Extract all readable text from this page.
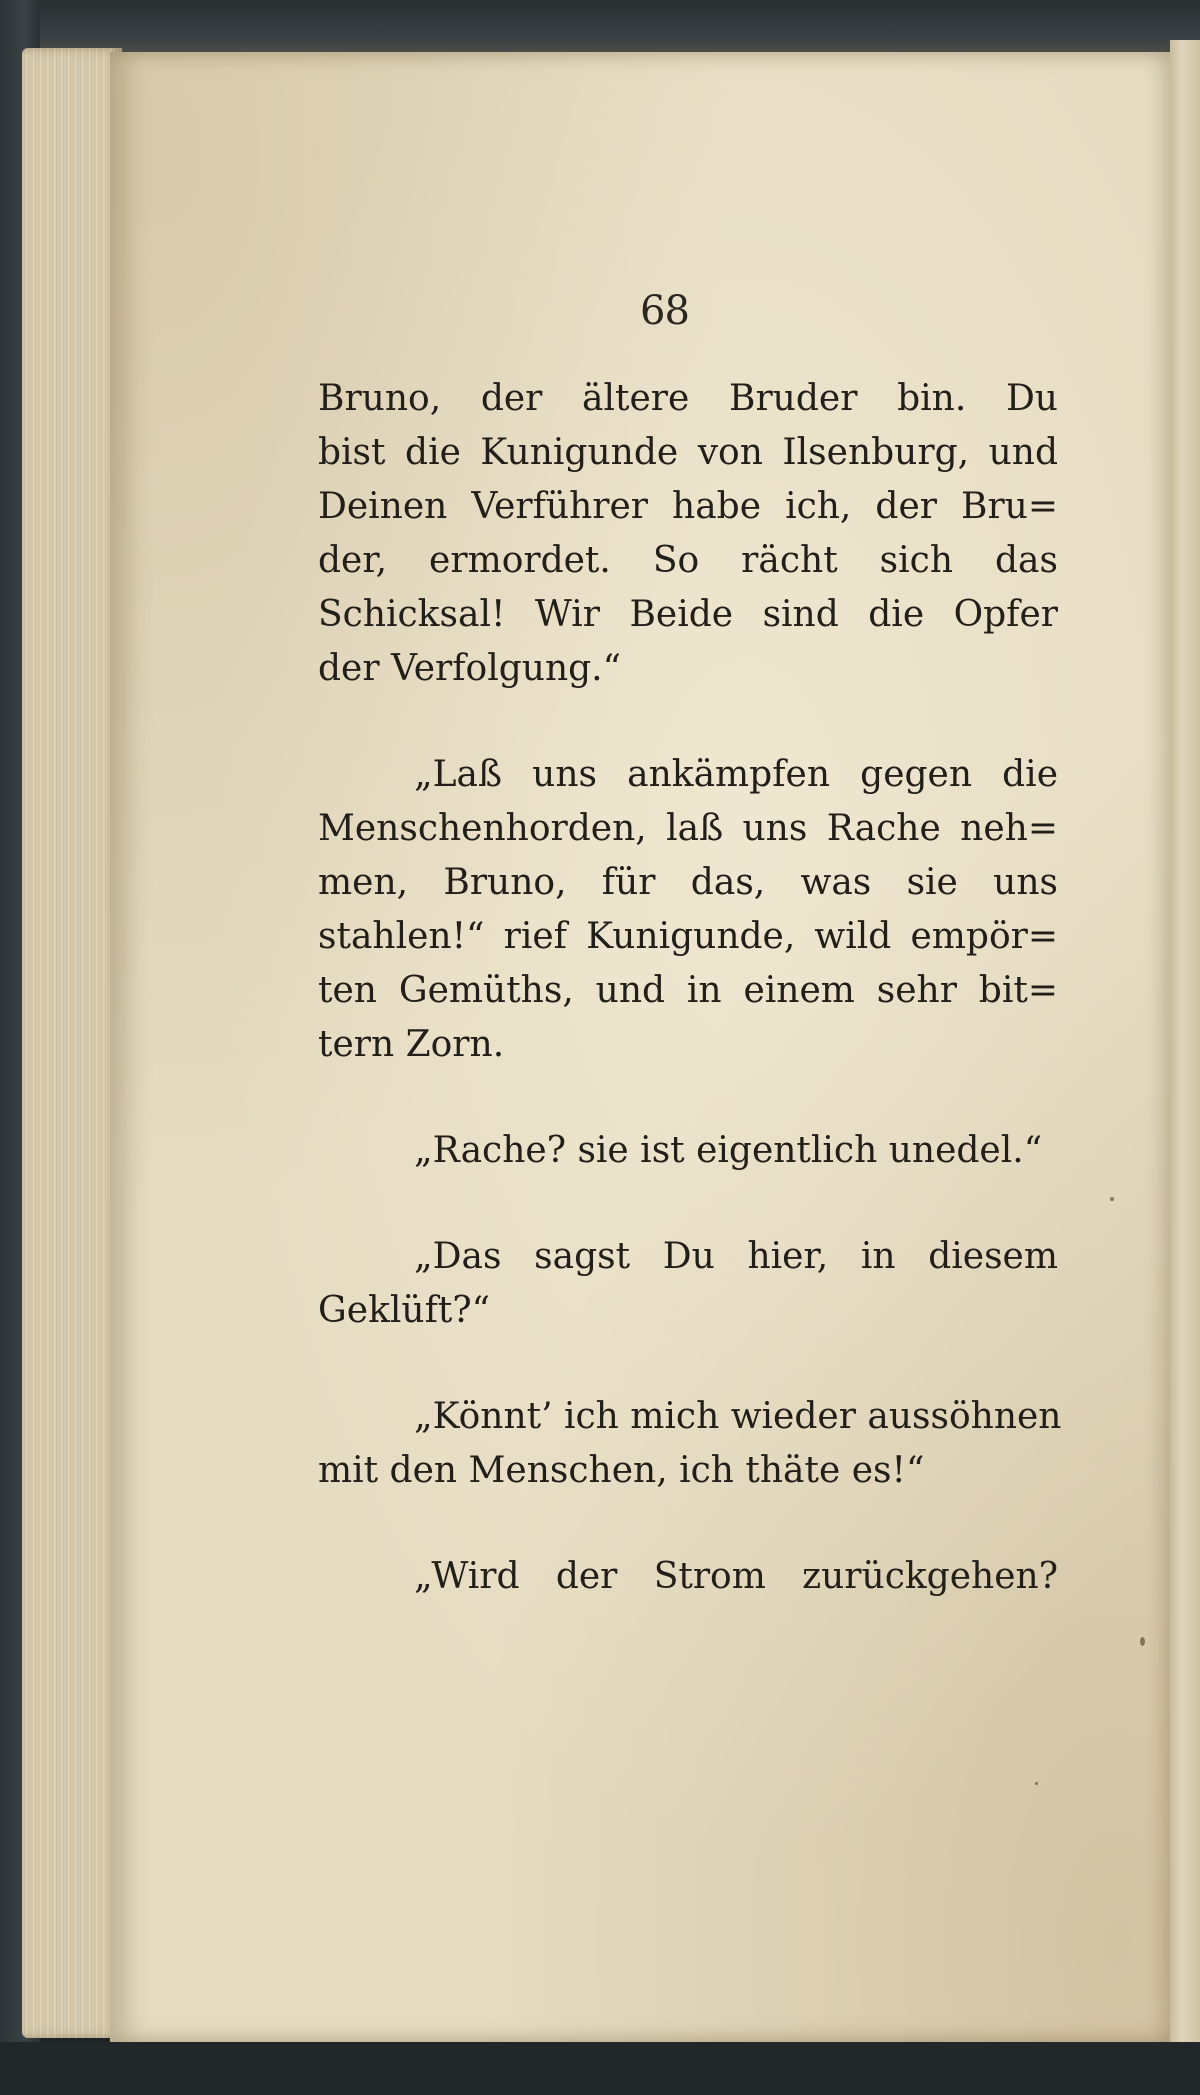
68
Bruno, der ältere Bruder bin. Du
bist die Kunigunde von Ilsenburg, und
Deinen Verführer habe ich, der Bru=
der, ermordet. So rächt sich das
Schicksal! Wir Beide sind die Opfer
der Verfolgung.“
„Laß uns ankämpfen gegen die
Menschenhorden, laß uns Rache neh=
men, Bruno, für das, was sie uns
stahlen!“ rief Kunigunde, wild empör=
ten Gemüths, und in einem sehr bit=
tern Zorn.
„Rache? sie ist eigentlich unedel.“
„Das sagst Du hier, in diesem
Geklüft?“
„Könnt’ ich mich wieder aussöhnen
mit den Menschen, ich thäte es!“
„Wird der Strom zurückgehen?
